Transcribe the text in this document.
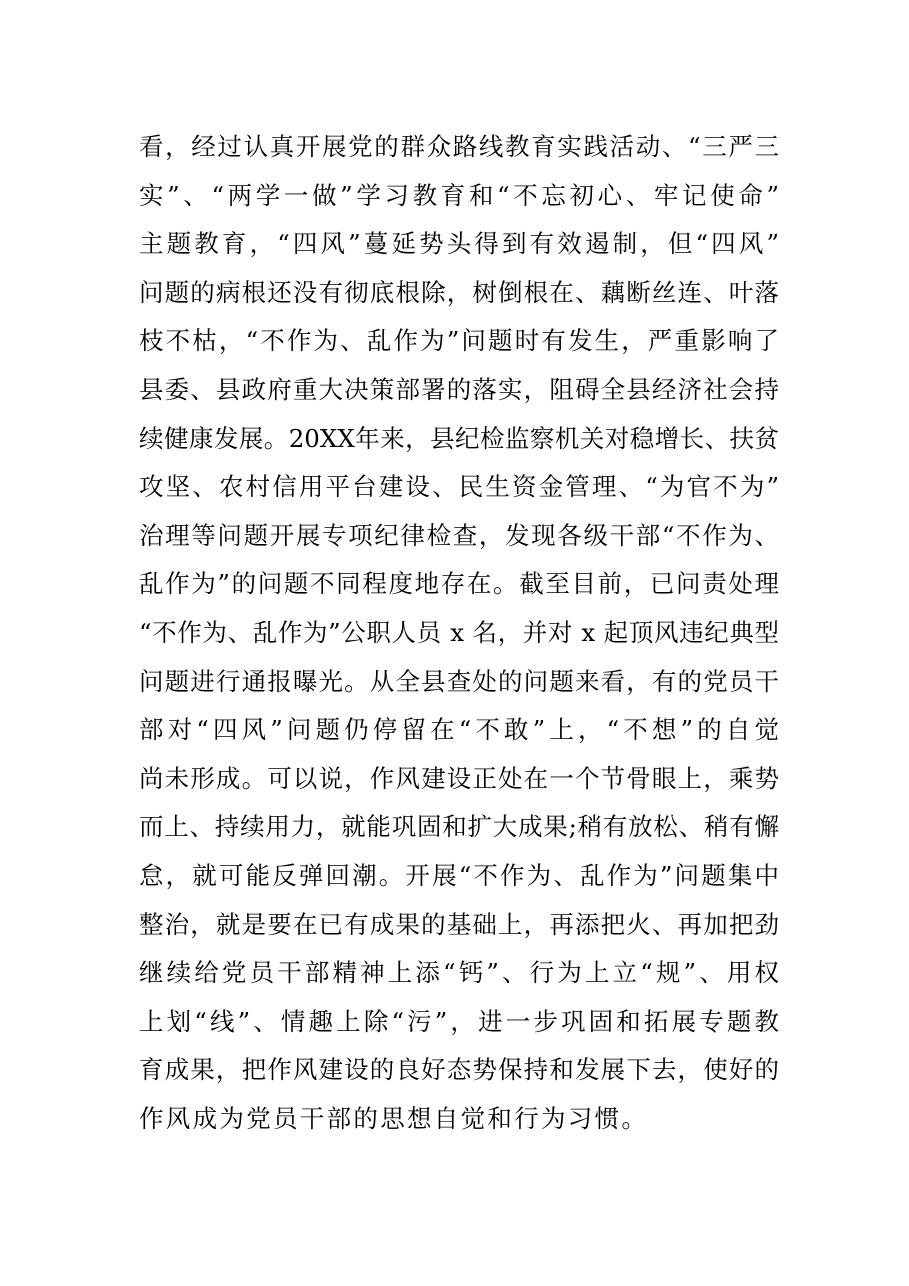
看，经过认真开展党的群众路线教育实践活动、“三严三
实”、“两学一做”学习教育和“不忘初心、牢记使命”
主题教育，“四风”蔓延势头得到有效遏制，但“四风”
问题的病根还没有彻底根除，树倒根在、藕断丝连、叶落
枝不枯，“不作为、乱作为”问题时有发生，严重影响了
县委、县政府重大决策部署的落实，阻碍全县经济社会持
续健康发展。20XX年来，县纪检监察机关对稳增长、扶贫
攻坚、农村信用平台建设、民生资金管理、“为官不为”
治理等问题开展专项纪律检查，发现各级干部“不作为、
乱作为”的问题不同程度地存在。截至目前，已问责处理
“不作为、乱作为”公职人员 x 名，并对 x 起顶风违纪典型
问题进行通报曝光。从全县查处的问题来看，有的党员干
部对“四风”问题仍停留在“不敢”上，“不想”的自觉
尚未形成。可以说，作风建设正处在一个节骨眼上，乘势
而上、持续用力，就能巩固和扩大成果;稍有放松、稍有懈
怠，就可能反弹回潮。开展“不作为、乱作为”问题集中
整治，就是要在已有成果的基础上，再添把火、再加把劲
继续给党员干部精神上添“钙”、行为上立“规”、用权
上划“线”、情趣上除“污”，进一步巩固和拓展专题教
育成果，把作风建设的良好态势保持和发展下去，使好的
作风成为党员干部的思想自觉和行为习惯。
